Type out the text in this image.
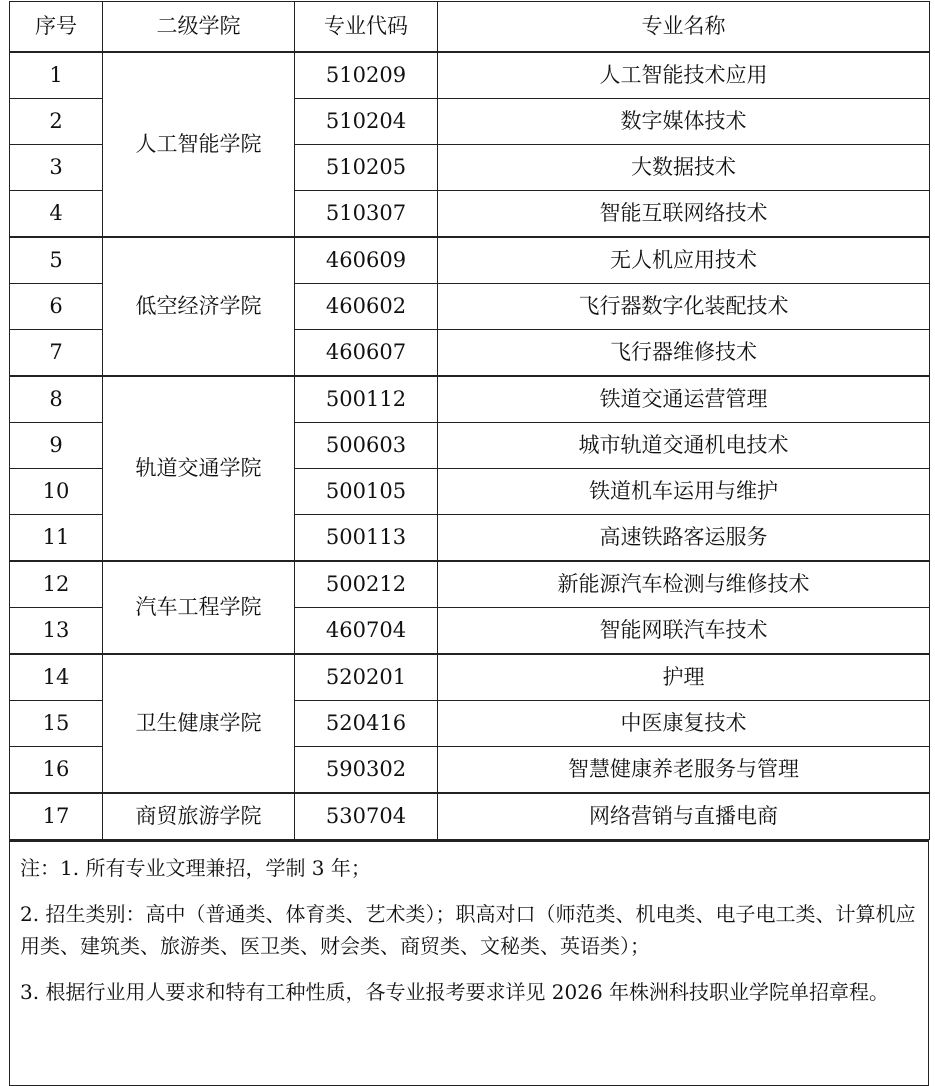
序号	二级学院	专业代码	专业名称
1	人工智能学院	510209	人工智能技术应用
2		510204	数字媒体技术
3		510205	大数据技术
4		510307	智能互联网络技术
5	低空经济学院	460609	无人机应用技术
6		460602	飞行器数字化装配技术
7		460607	飞行器维修技术
8	轨道交通学院	500112	铁道交通运营管理
9		500603	城市轨道交通机电技术
10		500105	铁道机车运用与维护
11		500113	高速铁路客运服务
12	汽车工程学院	500212	新能源汽车检测与维修技术
13		460704	智能网联汽车技术
14	卫生健康学院	520201	护理
15		520416	中医康复技术
16		590302	智慧健康养老服务与管理
17	商贸旅游学院	530704	网络营销与直播电商

注：1. 所有专业文理兼招，学制 3 年；

2. 招生类别：高中（普通类、体育类、艺术类）；职高对口（师范类、机电类、电子电工类、计算机应用类、建筑类、旅游类、医卫类、财会类、商贸类、文秘类、英语类）；

3. 根据行业用人要求和特有工种性质，各专业报考要求详见 2026 年株洲科技职业学院单招章程。
